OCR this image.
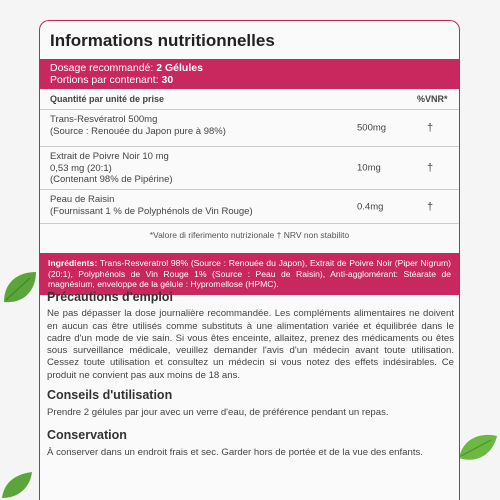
Informations nutritionnelles
Dosage recommandé: 2 Gélules
Portions par contenant: 30
Quantité par unité de prise	%VNR*
Trans-Resvératrol 500mg
(Source : Renouée du Japon pure à 98%)	500mg	†
Extrait de Poivre Noir 10 mg
0,53 mg (20:1)
(Contenant 98% de Pipérine)
10mg	†
Peau de Raisin
(Fournissant 1 % de Polyphénols de Vin Rouge)	0.4mg	†
*Valore di riferimento nutrizionale † NRV non stabilito
Ingrédients: Trans-Resveratrol 98% (Source : Renouée du Japon), Extrait de Poivre Noir (Piper Nigrum) (20:1), Polyphénols de Vin Rouge 1% (Source : Peau de Raisin), Anti-agglomérant: Stéarate de magnésium, enveloppe de la gélule : Hypromellose (HPMC).
Précautions d'emploi

Ne pas dépasser la dose journalière recommandée. Les compléments alimentaires ne doivent en aucun cas être utilisés comme substituts à une alimentation variée et équilibrée dans le cadre d'un mode de vie sain. Si vous êtes enceinte, allaitez, prenez des médicaments ou êtes sous surveillance médicale, veuillez demander l'avis d'un médecin avant toute utilisation. Cessez toute utilisation et consultez un médecin si vous notez des effets indésirables. Ce produit ne convient pas aux moins de 18 ans.

Conseils d'utilisation

Prendre 2 gélules par jour avec un verre d'eau, de préférence pendant un repas.

Conservation

À conserver dans un endroit frais et sec. Garder hors de portée et de la vue des enfants.
